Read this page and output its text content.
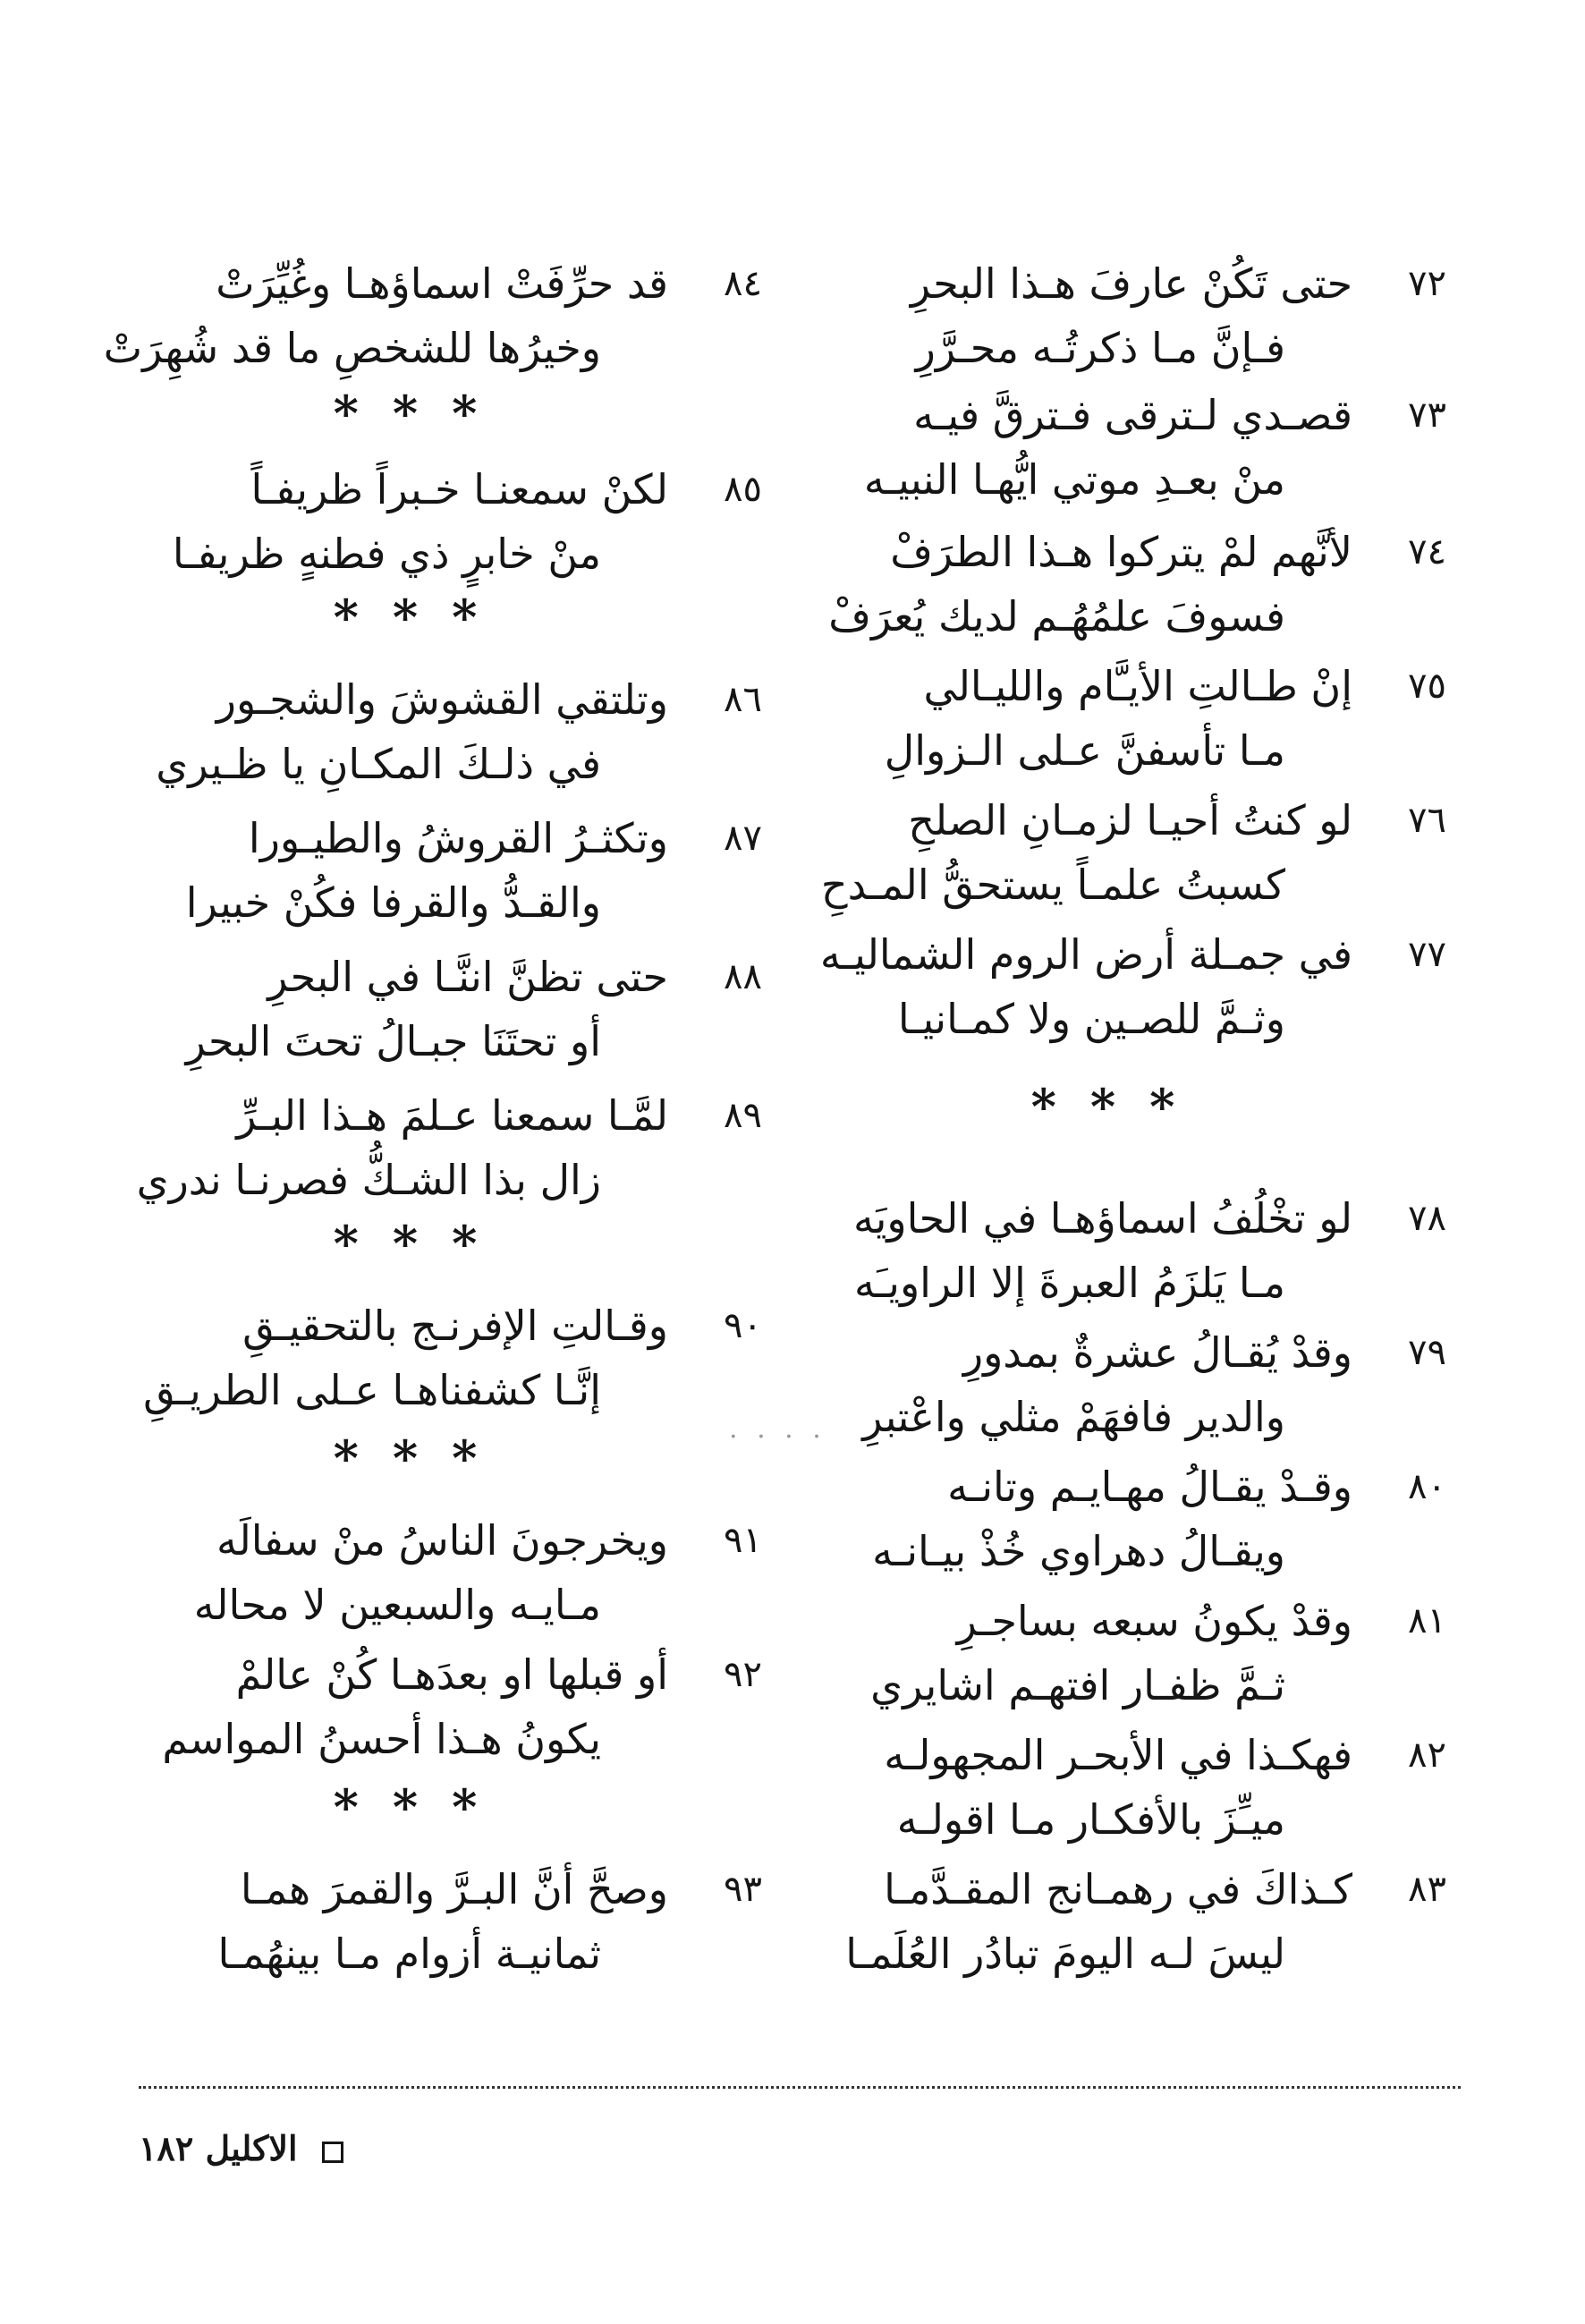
٧٢
حتى تَكُنْ عارفَ هـذا البحرِ
فـإنَّ مـا ذكرتُـه محـرَّرِ
٧٣
قصـدي لـترقى فـترقَّ فيـه
منْ بعـدِ موتي ايُّهـا النبيـه
٧٤
لأنَّهم لمْ يتركوا هـذا الطرَفْ
فسوفَ علمُهُـم لديك يُعرَفْ
٧٥
إنْ طـالتِ الأيـَّام والليـالي
مـا تأسفنَّ عـلى الـزوالِ
٧٦
لو كنتُ أحيـا لزمـانِ الصلحِ
كسبتُ علمـاً يستحقُّ المـدحِ
٧٧
في جمـلة أرض الروم الشماليـه
وثـمَّ للصـين ولا كمـانيـا
***
٧٨
لو تخْلُفُ اسماؤهـا في الحاويَه
مـا يَلزَمُ العبرةَ إلا الراويـَه
٧٩
وقدْ يُقـالُ عشرةٌ بمدورِ
والدير فافهَمْ مثلي واعْتبرِ
٨٠
وقـدْ يقـالُ مهـايـم وتانـه
ويقـالُ دهراوي خُذْ بيـانـه
٨١
وقدْ يكونُ سبعه بساجـرِ
ثـمَّ ظفـار افتهـم اشايري
٨٢
فهكـذا في الأبحـر المجهولـه
ميـِّزَ بالأفكـار مـا اقولـه
٨٣
كـذاكَ في رهمـانج المقـدَّمـا
ليسَ لـه اليومَ تبادُر العُلَمـا
. . . .
٨٤
قد حرِّفَتْ اسماؤهـا وغُيِّرَتْ
وخيرُها للشخصِ ما قد شُهِرَتْ
***
٨٥
لكنْ سمعنـا خـبراً ظريفـاً
منْ خابرٍ ذي فطنهٍ ظريفـا
***
٨٦
وتلتقي القشوشَ والشجـور
في ذلـكَ المكـانِ يا ظـيري
٨٧
وتكثـرُ القروشُ والطيـورا
والقـدُّ والقرفا فكُنْ خبيرا
٨٨
حتى تظنَّ اننَّـا في البحرِ
أو تحتَنَا جبـالُ تحتَ البحرِ
٨٩
لمَّـا سمعنا عـلمَ هـذا البـرِّ
زال بذا الشـكُّ فصرنـا ندري
***
٩٠
وقـالتِ الإفرنـج بالتحقيـقِ
إنَّـا كشفناهـا عـلى الطريـقِ
***
٩١
ويخرجونَ الناسُ منْ سفالَه
مـايـه والسبعين لا محاله
٩٢
أو قبلها او بعدَهـا كُنْ عالمْ
يكونُ هـذا أحسنُ المواسم
***
٩٣
وصحَّ أنَّ البـرَّ والقمرَ همـا
ثمانيـة أزوام مـا بينهُمـا
الاكليل ١٨٢
